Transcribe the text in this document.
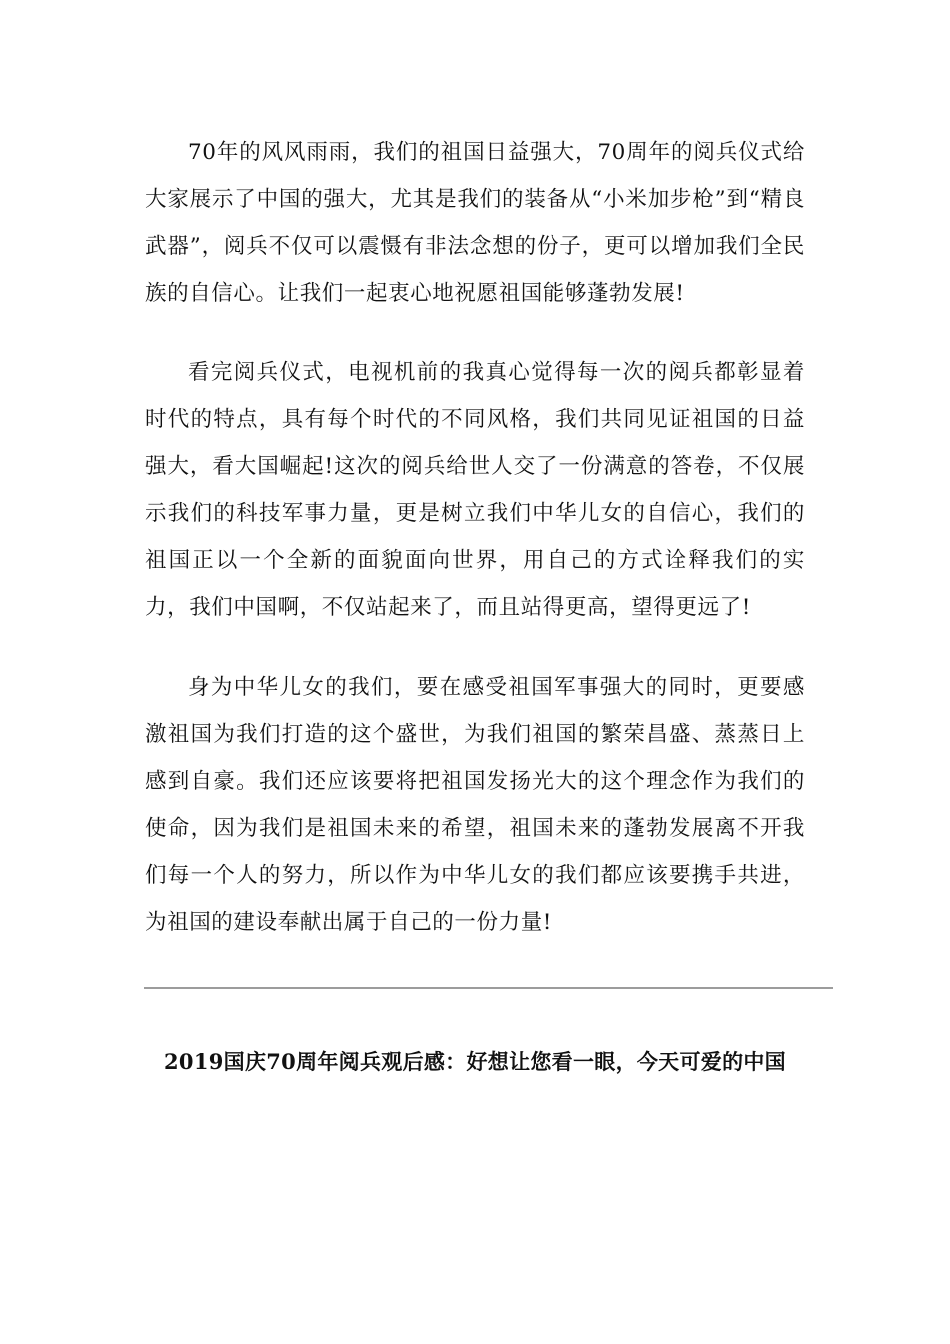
70年的风风雨雨，我们的祖国日益强大，70周年的阅兵仪式给大家展示了中国的强大，尤其是我们的装备从“小米加步枪”到“精良武器”，阅兵不仅可以震慑有非法念想的份子，更可以增加我们全民族的自信心。让我们一起衷心地祝愿祖国能够蓬勃发展!

看完阅兵仪式，电视机前的我真心觉得每一次的阅兵都彰显着时代的特点，具有每个时代的不同风格，我们共同见证祖国的日益强大，看大国崛起!这次的阅兵给世人交了一份满意的答卷，不仅展示我们的科技军事力量，更是树立我们中华儿女的自信心，我们的祖国正以一个全新的面貌面向世界，用自己的方式诠释我们的实力，我们中国啊，不仅站起来了，而且站得更高，望得更远了!

身为中华儿女的我们，要在感受祖国军事强大的同时，更要感激祖国为我们打造的这个盛世，为我们祖国的繁荣昌盛、蒸蒸日上感到自豪。我们还应该要将把祖国发扬光大的这个理念作为我们的使命，因为我们是祖国未来的希望，祖国未来的蓬勃发展离不开我们每一个人的努力，所以作为中华儿女的我们都应该要携手共进，为祖国的建设奉献出属于自己的一份力量!

2019国庆70周年阅兵观后感：好想让您看一眼，今天可爱的中国
